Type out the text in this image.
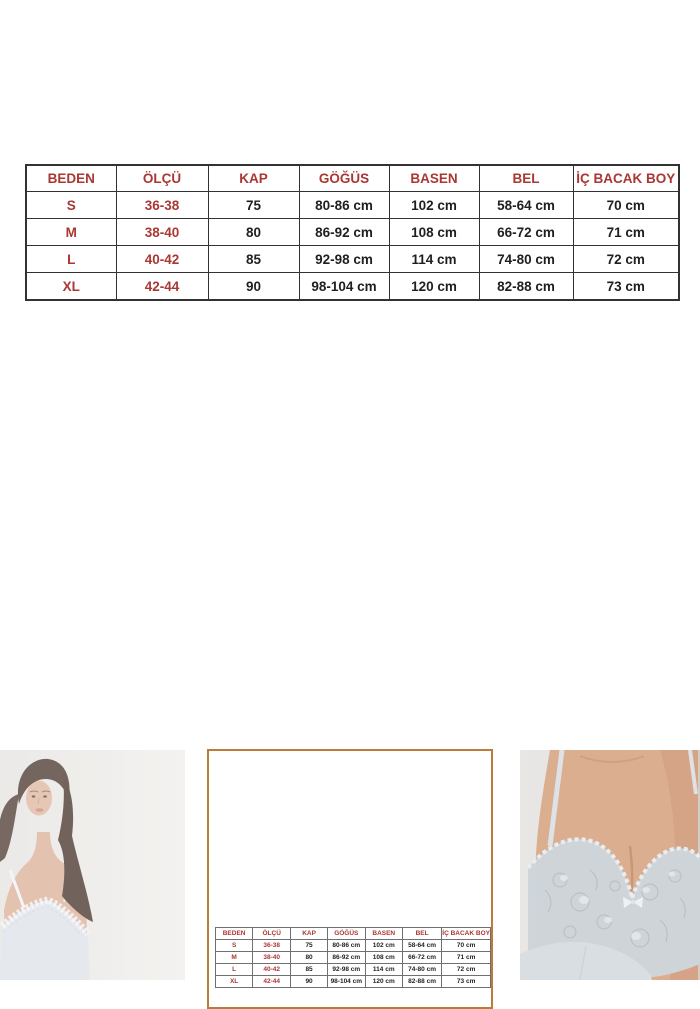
BEDEN	ÖLÇÜ	KAP	GÖĞÜS	BASEN	BEL	İÇ BACAK BOY
S	36-38	75	80-86 cm	102 cm	58-64 cm	70 cm
M	38-40	80	86-92 cm	108 cm	66-72 cm	71 cm
L	40-42	85	92-98 cm	114 cm	74-80 cm	72 cm
XL	42-44	90	98-104 cm	120 cm	82-88 cm	73 cm
BEDEN	ÖLÇÜ	KAP	GÖĞÜS	BASEN	BEL	İÇ BACAK BOY
S	36-38	75	80-86 cm	102 cm	58-64 cm	70 cm
M	38-40	80	86-92 cm	108 cm	66-72 cm	71 cm
L	40-42	85	92-98 cm	114 cm	74-80 cm	72 cm
XL	42-44	90	98-104 cm	120 cm	82-88 cm	73 cm
